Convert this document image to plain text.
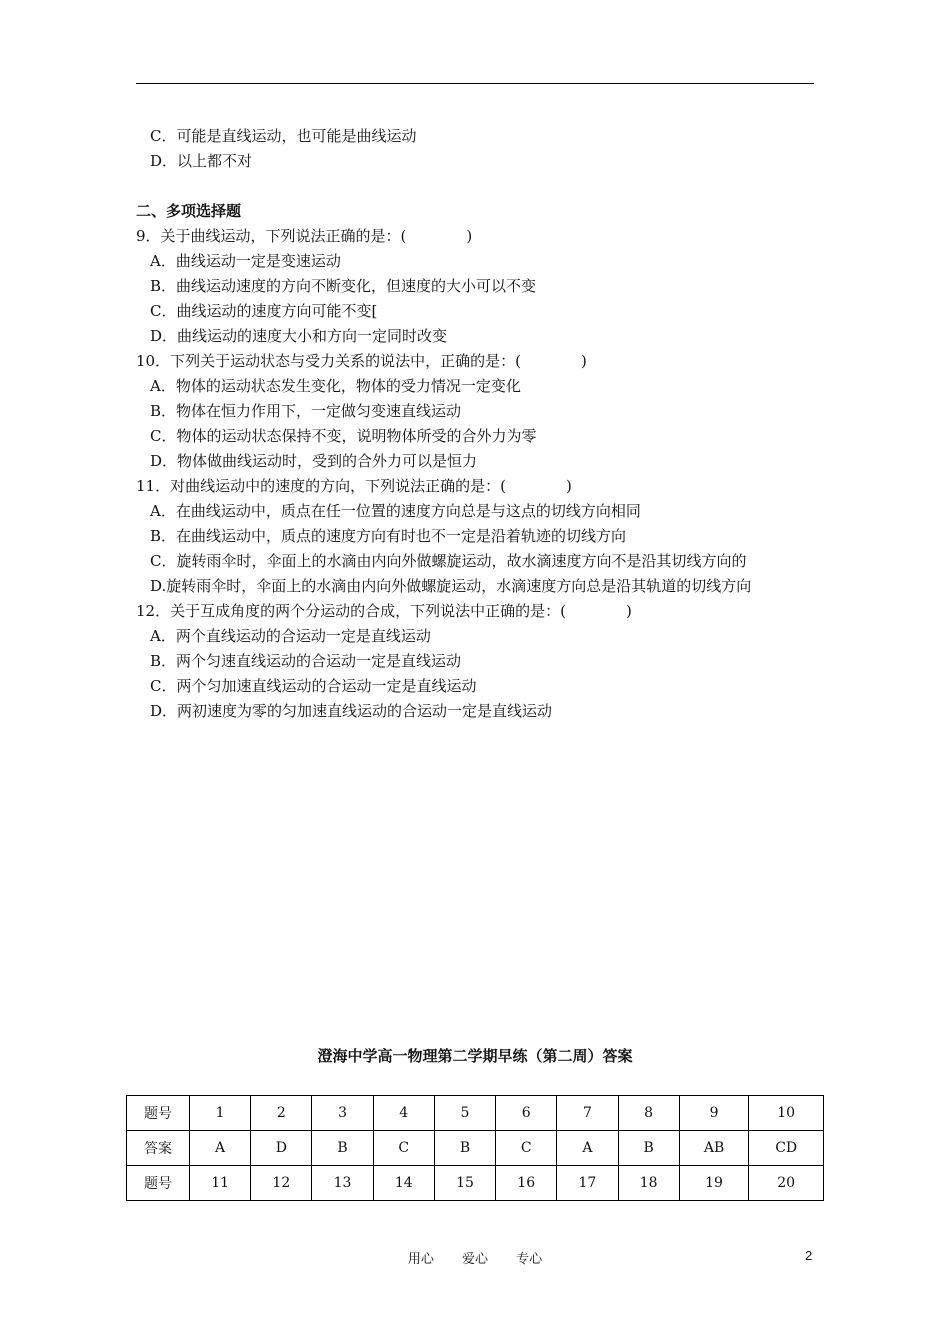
C．可能是直线运动，也可能是曲线运动
D．以上都不对
二、多项选择题
9．关于曲线运动，下列说法正确的是：(　　　　)
A．曲线运动一定是变速运动
B．曲线运动速度的方向不断变化，但速度的大小可以不变
C．曲线运动的速度方向可能不变[
D．曲线运动的速度大小和方向一定同时改变
10．下列关于运动状态与受力关系的说法中，正确的是：(　　　　)
A．物体的运动状态发生变化，物体的受力情况一定变化
B．物体在恒力作用下，一定做匀变速直线运动
C．物体的运动状态保持不变，说明物体所受的合外力为零
D．物体做曲线运动时，受到的合外力可以是恒力
11．对曲线运动中的速度的方向，下列说法正确的是：(　　　　)
A．在曲线运动中，质点在任一位置的速度方向总是与这点的切线方向相同
B．在曲线运动中，质点的速度方向有时也不一定是沿着轨迹的切线方向
C．旋转雨伞时，伞面上的水滴由内向外做螺旋运动，故水滴速度方向不是沿其切线方向的
D.旋转雨伞时，伞面上的水滴由内向外做螺旋运动，水滴速度方向总是沿其轨道的切线方向
12．关于互成角度的两个分运动的合成，下列说法中正确的是：(　　　　)
A．两个直线运动的合运动一定是直线运动
B．两个匀速直线运动的合运动一定是直线运动
C．两个匀加速直线运动的合运动一定是直线运动
D．两初速度为零的匀加速直线运动的合运动一定是直线运动
澄海中学高一物理第二学期早练（第二周）答案
题号	1	2	3	4	5	6	7	8	9	10
答案	A	D	B	C	B	C	A	B	AB	CD
题号	11	12	13	14	15	16	17	18	19	20
用心 爱心 专心	2
